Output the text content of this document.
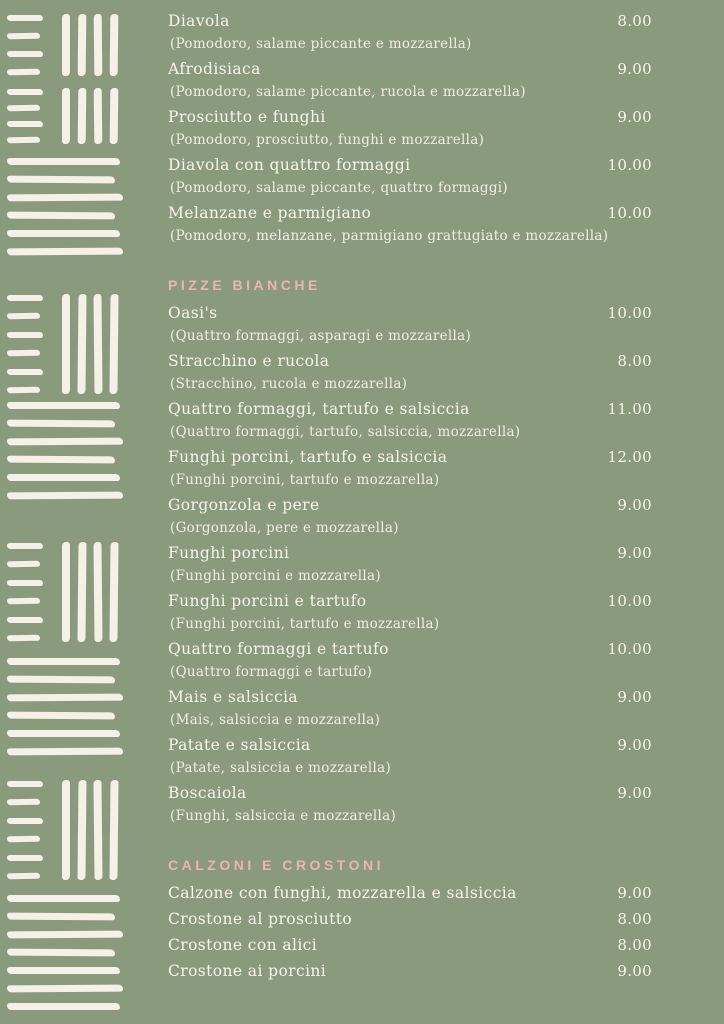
Diavola	8.00
(Pomodoro, salame piccante e mozzarella)
Afrodisiaca	9.00
(Pomodoro, salame piccante, rucola e mozzarella)
Prosciutto e funghi	9.00
(Pomodoro, prosciutto, funghi e mozzarella)
Diavola con quattro formaggi	10.00
(Pomodoro, salame piccante, quattro formaggi)
Melanzane e parmigiano	10.00
(Pomodoro, melanzane, parmigiano grattugiato e mozzarella)
PIZZE BIANCHE
Oasi's	10.00
(Quattro formaggi, asparagi e mozzarella)
Stracchino e rucola	8.00
(Stracchino, rucola e mozzarella)
Quattro formaggi, tartufo e salsiccia	11.00
(Quattro formaggi, tartufo, salsiccia, mozzarella)
Funghi porcini, tartufo e salsiccia	12.00
(Funghi porcini, tartufo e mozzarella)
Gorgonzola e pere	9.00
(Gorgonzola, pere e mozzarella)
Funghi porcini	9.00
(Funghi porcini e mozzarella)
Funghi porcini e tartufo	10.00
(Funghi porcini, tartufo e mozzarella)
Quattro formaggi e tartufo	10.00
(Quattro formaggi e tartufo)
Mais e salsiccia	9.00
(Mais, salsiccia e mozzarella)
Patate e salsiccia	9.00
(Patate, salsiccia e mozzarella)
Boscaiola	9.00
(Funghi, salsiccia e mozzarella)
CALZONI E CROSTONI
Calzone con funghi, mozzarella e salsiccia	9.00
Crostone al prosciutto	8.00
Crostone con alici	8.00
Crostone ai porcini	9.00
